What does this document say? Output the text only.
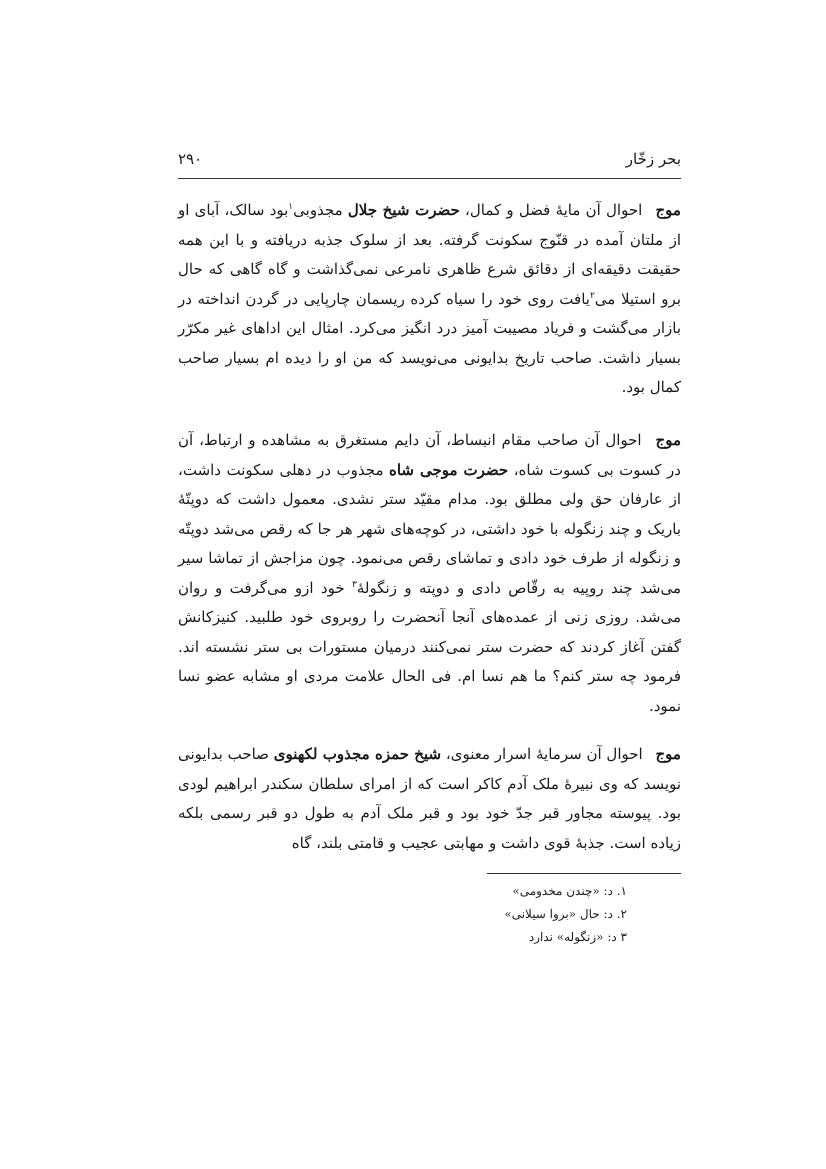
بحر زخّار
۲۹۰
موج احوال آن مایهٔ فضل و کمال، حضرت شیخ جلال مجذوبی$^۱$بود سالک، آبای او از ملتان آمده در قنّوج سکونت گرفته. بعد از سلوک جذبه دریافته و با این همه حقیقت دقیقه‌ای از دقائق شرع ظاهری نامرعی نمی‌گذاشت و گاه گاهی که حال برو استیلا می$^۲$یافت روی خود را سیاه کرده ریسمان چارپایی در گردن انداخته در بازار می‌گشت و فریاد مصیبت آمیز درد انگیز می‌کرد. امثال این اداهای غیر مکرّر بسیار داشت. صاحب تاریخ بدایونی می‌نویسد که من او را دیده ام بسیار صاحب کمال بود.
موج احوال آن صاحب مقام انبساط، آن دایم مستغرق به مشاهده و ارتباط، آن در کسوت بی کسوت شاه، حضرت موجی شاه مجذوب در دهلی سکونت داشت، از عارفان حق ولی مطلق بود. مدام مقیّد ستر نشدی. معمول داشت که دوپتّهٔ باریک و چند زنگوله با خود داشتی، در کوچه‌های شهر هر جا که رقص می‌شد دوپتّه و زنگوله از طرف خود دادی و تماشای رقص می‌نمود. چون مزاجش از تماشا سیر می‌شد چند روپیه به رقّاص دادی و دوپته و زنگولهٔ$^۳$ خود ازو می‌گرفت و روان می‌شد. روزی زنی از عمده‌های آنجا آنحضرت را روبروی خود طلبید. کنیزکانش گفتن آغاز کردند که حضرت ستر نمی‌کنند درمیان مستورات بی ستر نشسته اند. فرمود چه ستر کنم؟ ما هم نسا ام. فی الحال علامت مردی او مشابه عضو نسا نمود.
موج احوال آن سرمایهٔ اسرار معنوی، شیخ حمزه مجذوب لکهنوی صاحب بدایونی نویسد که وی نبیرهٔ ملک آدم کاکر است که از امرای سلطان سکندر ابراهیم لودی بود. پیوسته مجاور قبر جدّ خود بود و قبر ملک آدم به طول دو قبر رسمی بلکه زیاده است. جذبهٔ قوی داشت و مهابتی عجیب و قامتی بلند، گاه
۱. د: «چندن مخدومی»
۲. د: حال «بروا سیلانی»
۳ د: «زنگوله» ندارد
